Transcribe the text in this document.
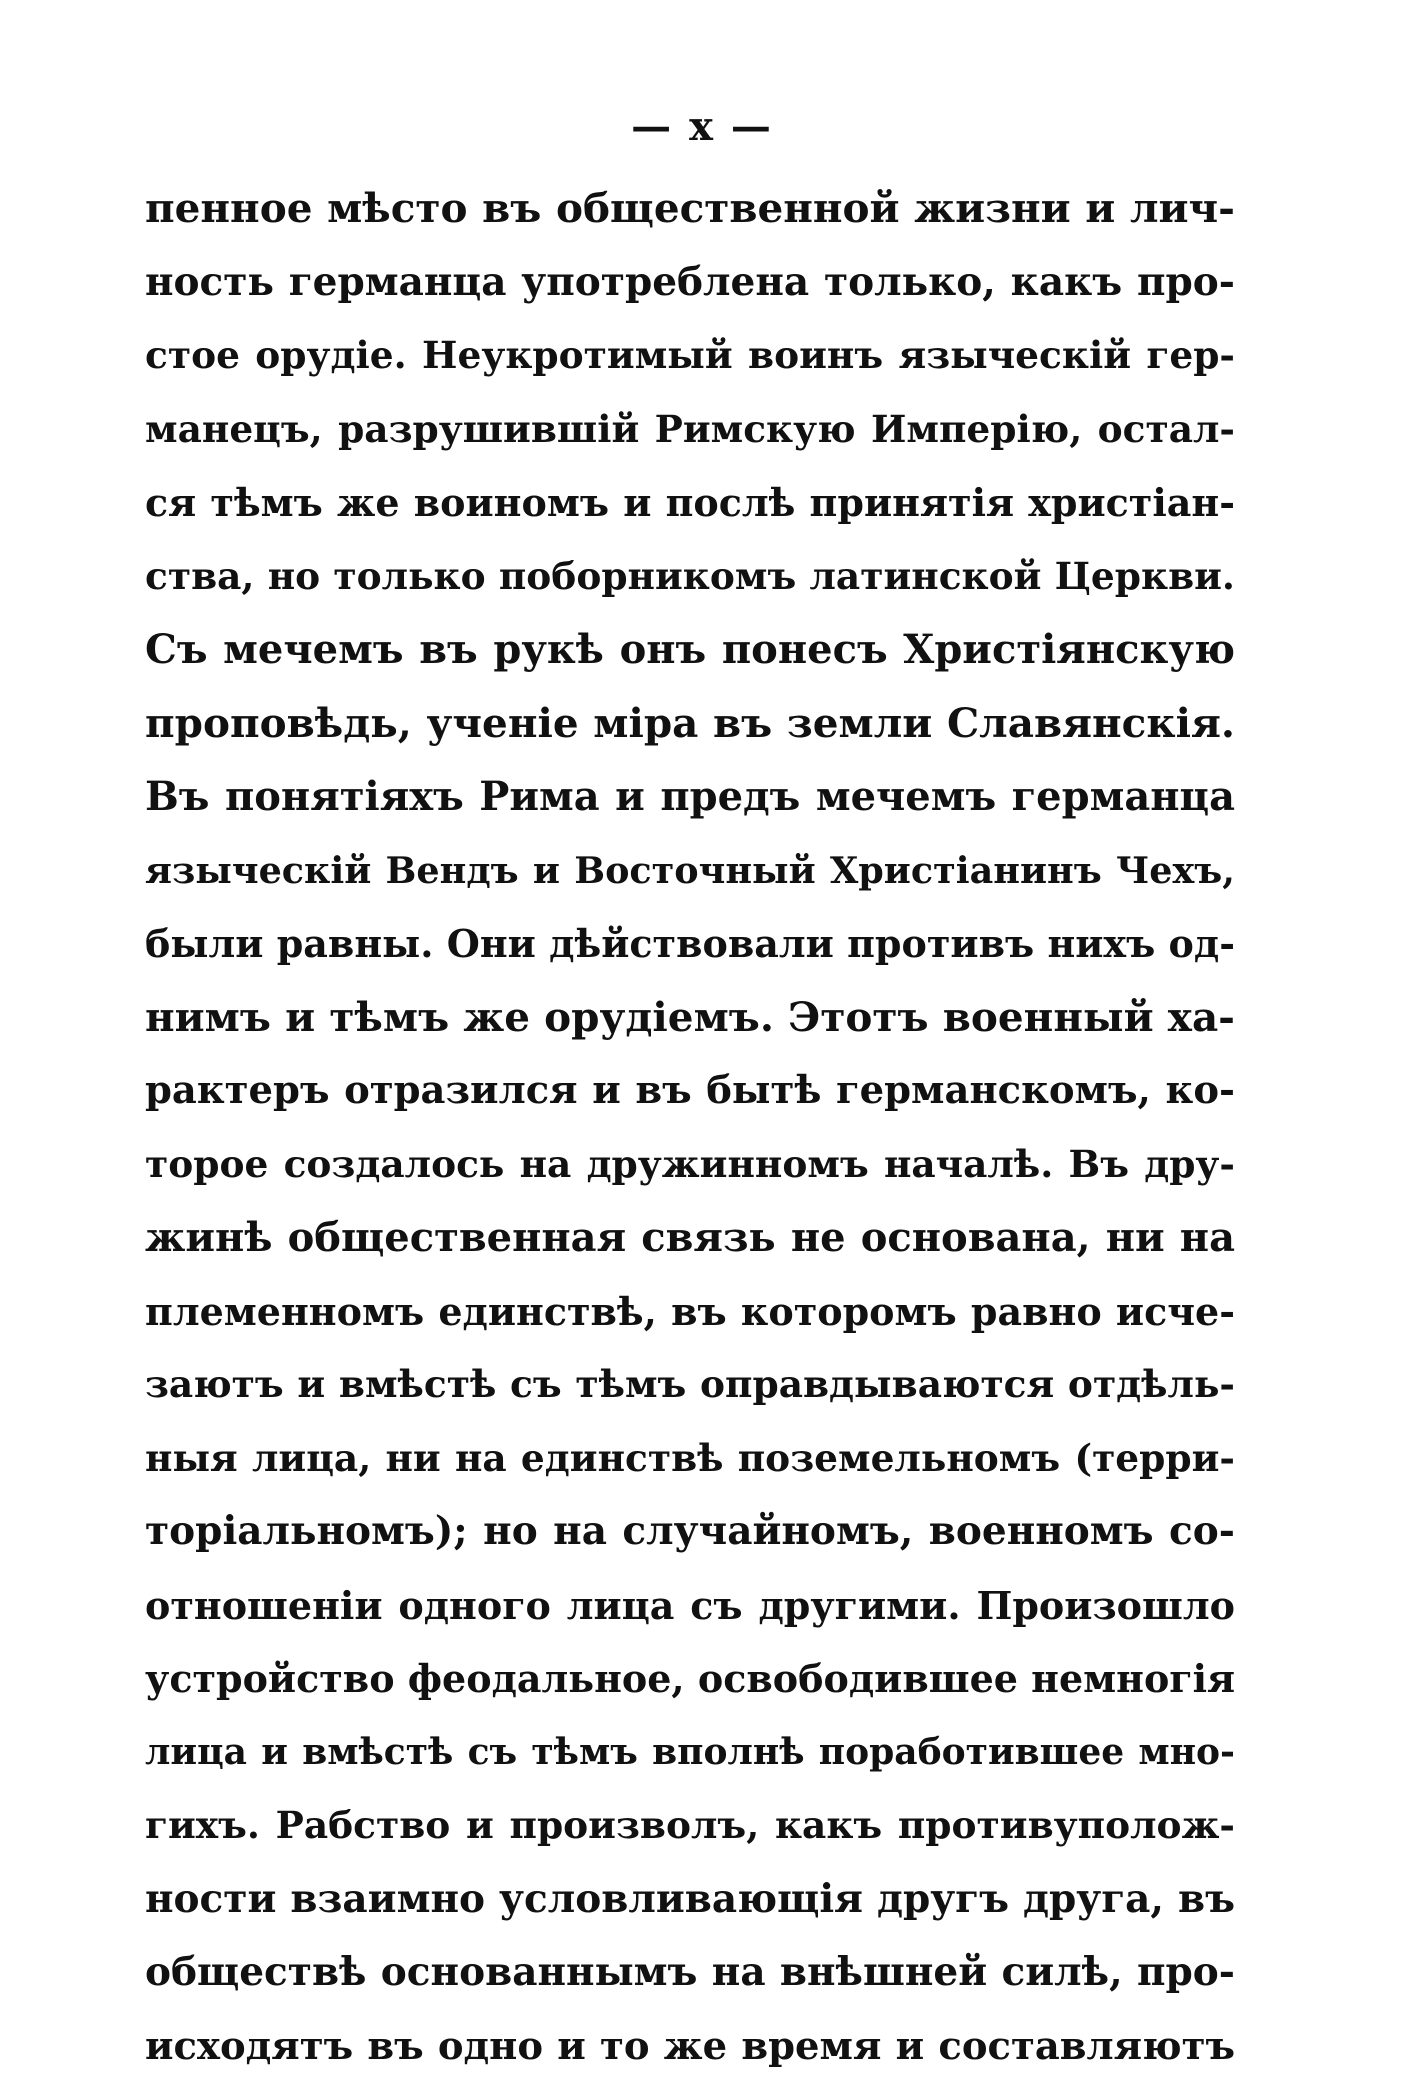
— x —
пенное мѣсто въ общественной жизни и лич-
ность германца употреблена только, какъ про-
стое орудіе. Неукротимый воинъ языческій гер-
манецъ, разрушившій Римскую Имперію, остал-
ся тѣмъ же воиномъ и послѣ принятія христіан-
ства, но только поборникомъ латинской Церкви.
Съ мечемъ въ рукѣ онъ понесъ Христіянскую
проповѣдь, ученіе міра въ земли Славянскія.
Въ понятіяхъ Рима и предъ мечемъ германца
языческій Вендъ и Восточный Христіанинъ Чехъ,
были равны. Они дѣйствовали противъ нихъ од-
нимъ и тѣмъ же орудіемъ. Этотъ военный ха-
рактеръ отразился и въ бытѣ германскомъ, ко-
торое создалось на дружинномъ началѣ. Въ дру-
жинѣ общественная связь не основана, ни на
племенномъ единствѣ, въ которомъ равно исче-
заютъ и вмѣстѣ съ тѣмъ оправдываются отдѣль-
ныя лица, ни на единствѣ поземельномъ (терри-
торіальномъ); но на случайномъ, военномъ со-
отношеніи одного лица съ другими. Произошло
устройство феодальное, освободившее немногія
лица и вмѣстѣ съ тѣмъ вполнѣ поработившее мно-
гихъ. Рабство и произволъ, какъ противуполож-
ности взаимно условливающія другъ друга, въ
обществѣ основаннымъ на внѣшней силѣ, про-
исходятъ въ одно и то же время и составляютъ
